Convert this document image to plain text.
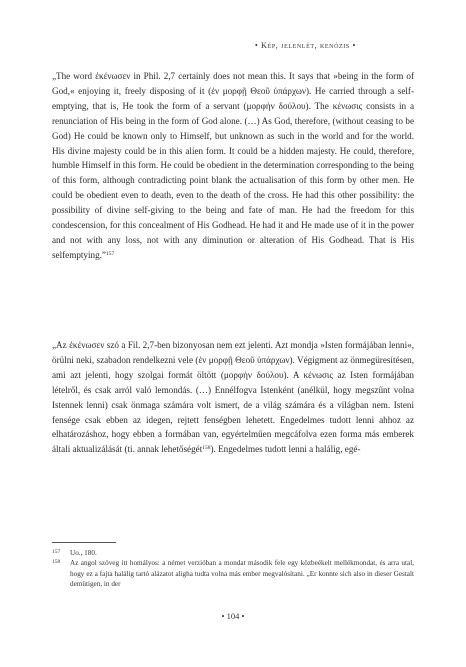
• Kép, jelenlét, kenózis •

„The word ἐκένωσεν in Phil. 2,7 certainly does not mean this. It says that »being in the form of God,« enjoying it, freely disposing of it (ἐν μορφῇ Θεοῦ ὑπάρχων). He carried through a self-emptying, that is, He took the form of a servant (μορφὴν δούλου). The κένωσις consists in a renunciation of His being in the form of God alone. (…) As God, therefore, (without ceasing to be God) He could be known only to Himself, but unknown as such in the world and for the world. His divine majesty could be in this alien form. It could be a hidden majesty. He could, therefore, humble Himself in this form. He could be obedient in the determination corresponding to the being of this form, although contradicting point blank the actualisation of this form by other men. He could be obedient even to death, even to the death of the cross. He had this other possibility: the possibility of divine self-giving to the being and fate of man. He had the freedom for this condescension, for this concealment of His Godhead. He had it and He made use of it in the power and not with any loss, not with any diminution or alteration of His Godhead. That is His selfemptying.”$^{157}$

„Az ἐκένωσεν szó a Fil. 2,7-ben bizonyosan nem ezt jelenti. Azt mondja »Isten formájában lenni«, örülni neki, szabadon rendelkezni vele (ἐν μορφῇ Θεοῦ ὑπάρχων). Végigment az önmegüresítésen, ami azt jelenti, hogy szolgai formát öltött (μορφὴν δούλου). A κένωσις az Isten formájában lételről, és csak arról való lemondás. (…) Ennélfogva Istenként (anélkül, hogy megszűnt volna Istennek lenni) csak önmaga számára volt ismert, de a világ számára és a világban nem. Isteni fensége csak ebben az idegen, rejtett fenségben lehetett. Engedelmes tudott lenni ahhoz az elhatározáshoz, hogy ebben a formában van, egyértelműen megcáfolva ezen forma más emberek általi aktualizálását (ti. annak lehetőségét$^{158}$). Engedelmes tudott lenni a halálig, egé-

157 Uo., 180.

158 Az angol szöveg itt homályos: a német verzióban a mondat második fele egy közbeékelt mellékmondat, és arra utal, hogy ez a fajta halálig tartó alázatot aligha tudta volna más ember megvalósítani. „Er konnte sich also in dieser Gestalt demütigen, in der

• 104 •
